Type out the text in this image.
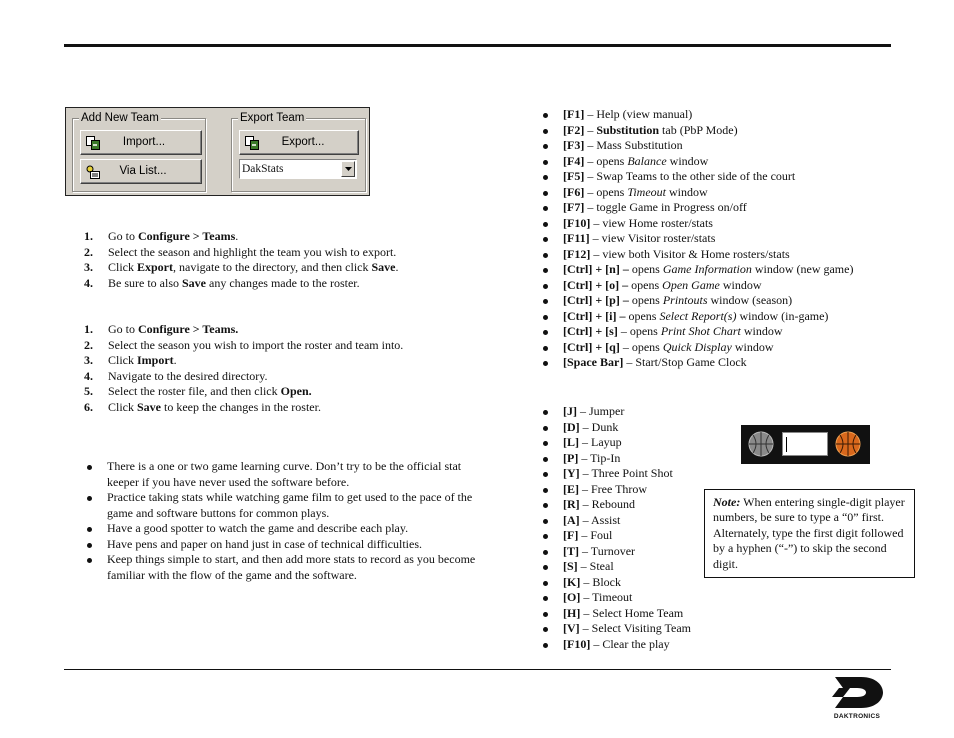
Add New Team	Export Team
Import...
Via List...
Export...
DakStats
1. Go to Configure > Teams.
2. Select the season and highlight the team you wish to export.
3. Click Export, navigate to the directory, and then click Save.
4. Be sure to also Save any changes made to the roster.
1. Go to Configure > Teams.
2. Select the season you wish to import the roster and team into.
3. Click Import.
4. Navigate to the desired directory.
5. Select the roster file, and then click Open.
6. Click Save to keep the changes in the roster.
There is a one or two game learning curve. Don’t try to be the official stat keeper if you have never used the software before.
Practice taking stats while watching game film to get used to the pace of the game and software buttons for common plays.
Have a good spotter to watch the game and describe each play.
Have pens and paper on hand just in case of technical difficulties.
Keep things simple to start, and then add more stats to record as you become familiar with the flow of the game and the software.
[F1] – Help (view manual)
[F2] – Substitution tab (PbP Mode)
[F3] – Mass Substitution
[F4] – opens Balance window
[F5] – Swap Teams to the other side of the court
[F6] – opens Timeout window
[F7] – toggle Game in Progress on/off
[F10] – view Home roster/stats
[F11] – view Visitor roster/stats
[F12] – view both Visitor & Home rosters/stats
[Ctrl] + [n] – opens Game Information window (new game)
[Ctrl] + [o] – opens Open Game window
[Ctrl] + [p] – opens Printouts window (season)
[Ctrl] + [i] – opens Select Report(s) window (in-game)
[Ctrl] + [s] – opens Print Shot Chart window
[Ctrl] + [q] – opens Quick Display window
[Space Bar] – Start/Stop Game Clock
[J] – Jumper
[D] – Dunk
[L] – Layup
[P] – Tip-In
[Y] – Three Point Shot
[E] – Free Throw
[R] – Rebound
[A] – Assist
[F] – Foul
[T] – Turnover
[S] – Steal
[K] – Block
[O] – Timeout
[H] – Select Home Team
[V] – Select Visiting Team
[F10] – Clear the play
Note: When entering single-digit player numbers, be sure to type a “0” first. Alternately, type the first digit followed by a hyphen (“-”) to skip the second digit.
DAKTRONICS
